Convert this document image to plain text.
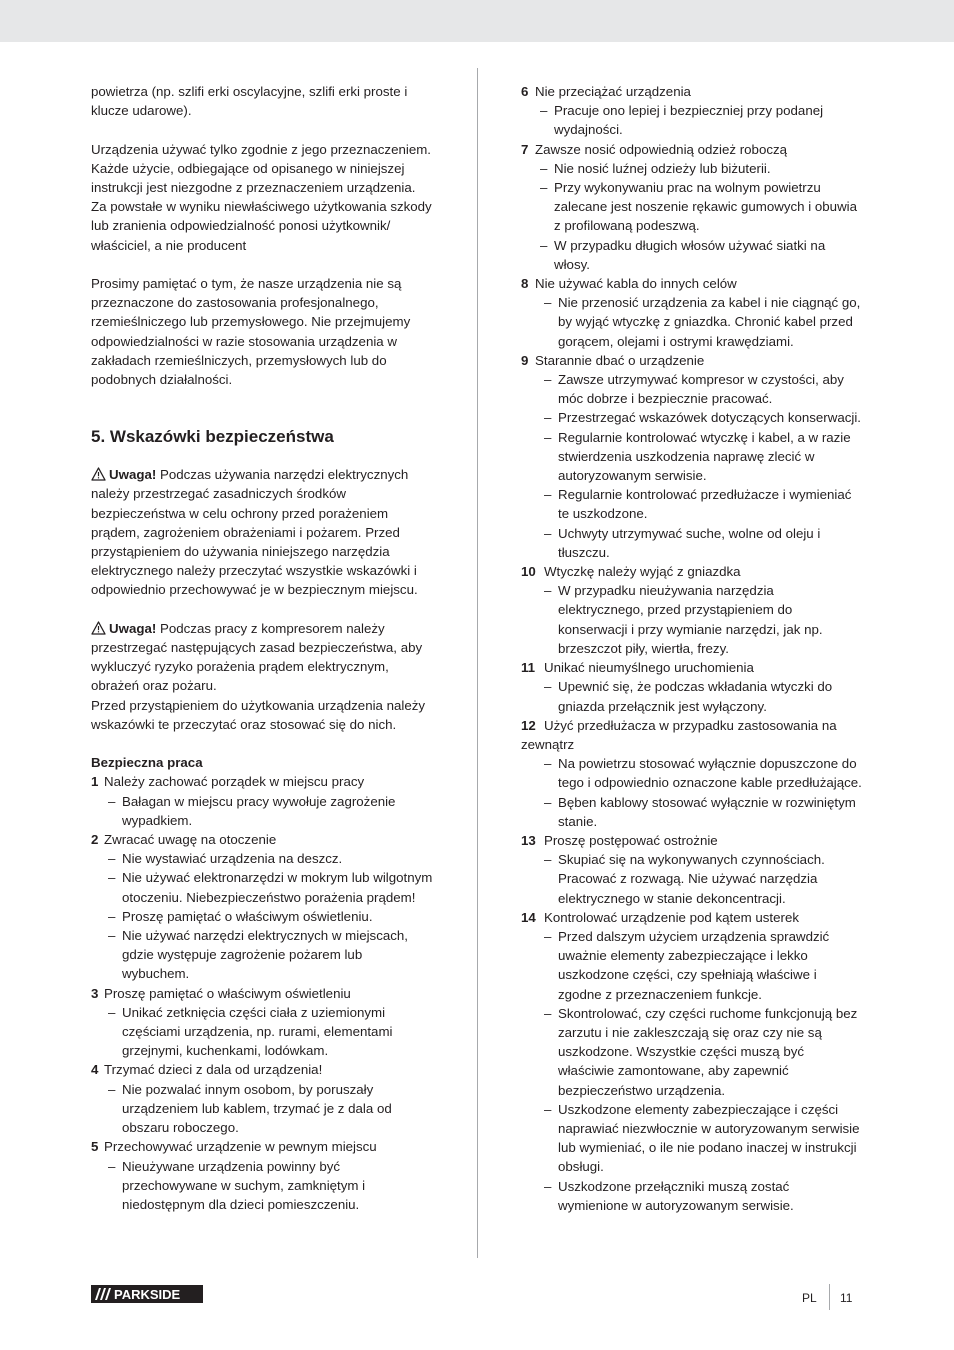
powietrza (np. szlifi erki oscylacyjne, szlifi erki proste i klucze udarowe).

Urządzenia używać tylko zgodnie z jego przeznaczeniem. Każde użycie, odbiegające od opisanego w niniejszej instrukcji jest niezgodne z przeznaczeniem urządzenia. Za powstałe w wyniku niewłaściwego użytkowania szkody lub zranienia odpowiedzialność ponosi użytkownik/ właściciel, a nie producent

Prosimy pamiętać o tym, że nasze urządzenia nie są przeznaczone do zastosowania profesjonalnego, rzemieślniczego lub przemysłowego. Nie przejmujemy odpowiedzialności w razie stosowania urządzenia w zakładach rzemieślniczych, przemysłowych lub do podobnych działalności.

5. Wskazówki bezpieczeństwa

Uwaga! Podczas używania narzędzi elektrycznych należy przestrzegać zasadniczych środków bezpieczeństwa w celu ochrony przed porażeniem prądem, zagrożeniem obrażeniami i pożarem. Przed przystąpieniem do używania niniejszego narzędzia elektrycznego należy przeczytać wszystkie wskazówki i odpowiednio przechowywać je w bezpiecznym miejscu.

Uwaga! Podczas pracy z kompresorem należy przestrzegać następujących zasad bezpieczeństwa, aby wykluczyć ryzyko porażenia prądem elektrycznym, obrażeń oraz pożaru.

Przed przystąpieniem do użytkowania urządzenia należy wskazówki te przeczytać oraz stosować się do nich.

Bezpieczna praca

1 Należy zachować porządek w miejscu pracy
– Bałagan w miejscu pracy wywołuje zagrożenie wypadkiem.
2 Zwracać uwagę na otoczenie
– Nie wystawiać urządzenia na deszcz.
– Nie używać elektronarzędzi w mokrym lub wilgotnym otoczeniu. Niebezpieczeństwo porażenia prądem!
– Proszę pamiętać o właściwym oświetleniu.
– Nie używać narzędzi elektrycznych w miejscach, gdzie występuje zagrożenie pożarem lub wybuchem.
3 Proszę pamiętać o właściwym oświetleniu
– Unikać zetknięcia części ciała z uziemionymi częściami urządzenia, np. rurami, elementami grzejnymi, kuchenkami, lodówkam.
4 Trzymać dzieci z dala od urządzenia!
– Nie pozwalać innym osobom, by poruszały urządzeniem lub kablem, trzymać je z dala od obszaru roboczego.
5 Przechowywać urządzenie w pewnym miejscu
– Nieużywane urządzenia powinny być przechowywane w suchym, zamkniętym i niedostępnym dla dzieci pomieszczeniu.
6 Nie przeciążać urządzenia
– Pracuje ono lepiej i bezpieczniej przy podanej wydajności.
7 Zawsze nosić odpowiednią odzież roboczą
– Nie nosić luźnej odzieży lub biżuterii.
– Przy wykonywaniu prac na wolnym powietrzu zalecane jest noszenie rękawic gumowych i obuwia z profilowaną podeszwą.
– W przypadku długich włosów używać siatki na włosy.
8 Nie używać kabla do innych celów
– Nie przenosić urządzenia za kabel i nie ciągnąć go, by wyjąć wtyczkę z gniazdka. Chronić kabel przed gorącem, olejami i ostrymi krawędziami.
9 Starannie dbać o urządzenie
– Zawsze utrzymywać kompresor w czystości, aby móc dobrze i bezpiecznie pracować.
– Przestrzegać wskazówek dotyczących konserwacji.
– Regularnie kontrolować wtyczkę i kabel, a w razie stwierdzenia uszkodzenia naprawę zlecić w autoryzowanym serwisie.
– Regularnie kontrolować przedłużacze i wymieniać te uszkodzone.
– Uchwyty utrzymywać suche, wolne od oleju i tłuszczu.
10 Wtyczkę należy wyjąć z gniazdka
– W przypadku nieużywania narzędzia elektrycznego, przed przystąpieniem do konserwacji i przy wymianie narzędzi, jak np. brzeszczot piły, wiertła, frezy.
11 Unikać nieumyślnego uruchomienia
– Upewnić się, że podczas wkładania wtyczki do gniazda przełącznik jest wyłączony.
12 Użyć przedłużacza w przypadku zastosowania na zewnątrz
– Na powietrzu stosować wyłącznie dopuszczone do tego i odpowiednio oznaczone kable przedłużające.
– Bęben kablowy stosować wyłącznie w rozwiniętym stanie.
13 Proszę postępować ostrożnie
– Skupiać się na wykonywanych czynnościach. Pracować z rozwagą. Nie używać narzędzia elektrycznego w stanie dekoncentracji.
14 Kontrolować urządzenie pod kątem usterek
– Przed dalszym użyciem urządzenia sprawdzić uważnie elementy zabezpieczające i lekko uszkodzone części, czy spełniają właściwe i zgodne z przeznaczeniem funkcje.
– Skontrolować, czy części ruchome funkcjonują bez zarzutu i nie zakleszczają się oraz czy nie są uszkodzone. Wszystkie części muszą być właściwie zamontowane, aby zapewnić bezpieczeństwo urządzenia.
– Uszkodzone elementy zabezpieczające i części naprawiać niezwłocznie w autoryzowanym serwisie lub wymieniać, o ile nie podano inaczej w instrukcji obsługi.
– Uszkodzone przełączniki muszą zostać wymienione w autoryzowanym serwisie.
PARKSIDE	PL 11
